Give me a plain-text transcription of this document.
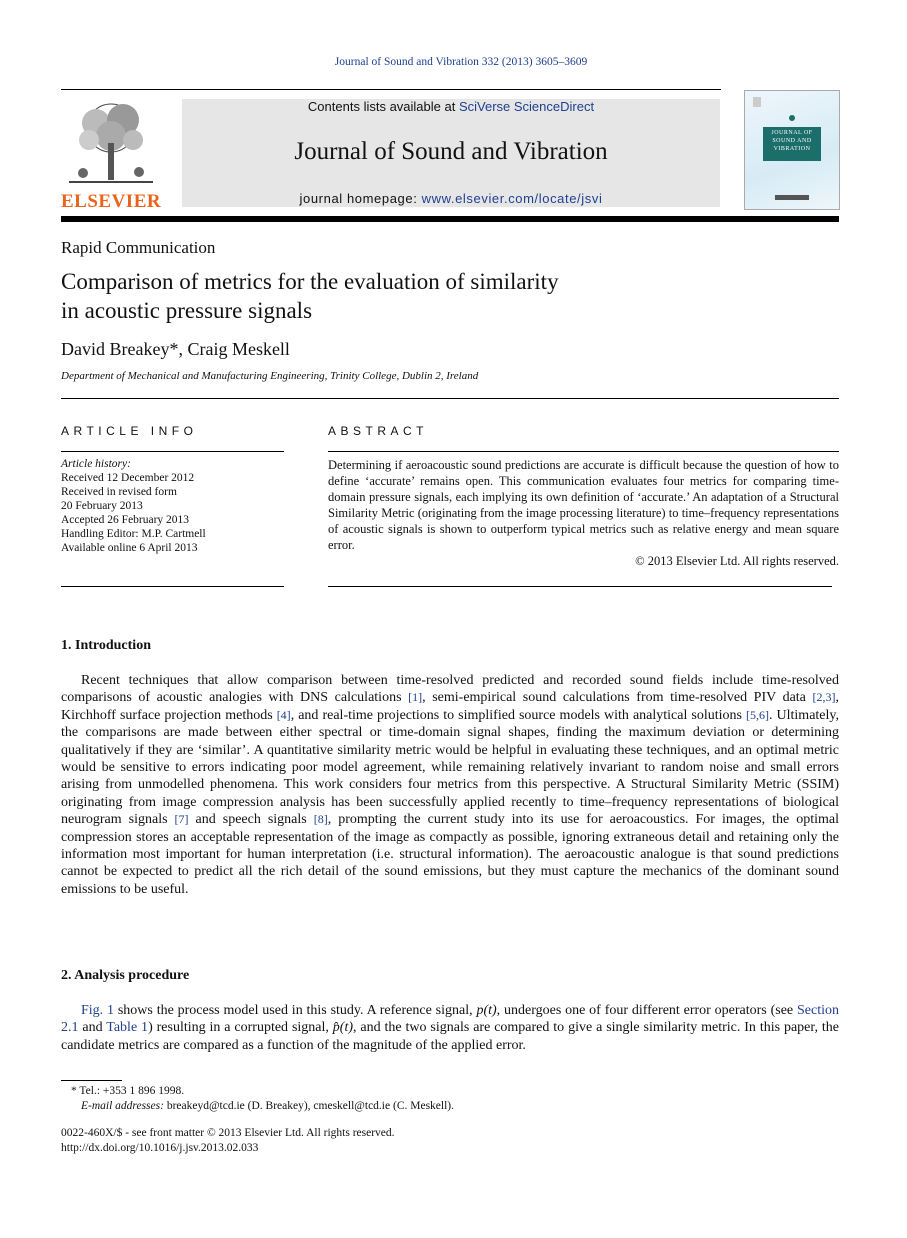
Journal of Sound and Vibration 332 (2013) 3605–3609
ELSEVIER
Contents lists available at SciVerse ScienceDirect
Journal of Sound and Vibration
journal homepage: www.elsevier.com/locate/jsvi
JOURNAL OF SOUND AND VIBRATION
Rapid Communication
Comparison of metrics for the evaluation of similarity
in acoustic pressure signals
David Breakey*, Craig Meskell
Department of Mechanical and Manufacturing Engineering, Trinity College, Dublin 2, Ireland
ARTICLE INFO
Article history:
Received 12 December 2012
Received in revised form
20 February 2013
Accepted 26 February 2013
Handling Editor: M.P. Cartmell
Available online 6 April 2013
ABSTRACT
Determining if aeroacoustic sound predictions are accurate is difficult because the question of how to define ‘accurate’ remains open. This communication evaluates four metrics for comparing time-domain pressure signals, each implying its own definition of ‘accurate.’ An adaptation of a Structural Similarity Metric (originating from the image processing literature) to time–frequency representations of acoustic signals is shown to outperform typical metrics such as relative energy and mean square error.
© 2013 Elsevier Ltd. All rights reserved.
1. Introduction
Recent techniques that allow comparison between time-resolved predicted and recorded sound fields include time-resolved comparisons of acoustic analogies with DNS calculations [1], semi-empirical sound calculations from time-resolved PIV data [2,3], Kirchhoff surface projection methods [4], and real-time projections to simplified source models with analytical solutions [5,6]. Ultimately, the comparisons are made between either spectral or time-domain signal shapes, finding the maximum deviation or determining qualitatively if they are ‘similar’. A quantitative similarity metric would be helpful in evaluating these techniques, and an optimal metric would be sensitive to errors indicating poor model agreement, while remaining relatively invariant to random noise and small errors arising from unmodelled phenomena. This work considers four metrics from this perspective. A Structural Similarity Metric (SSIM) originating from image compression analysis has been successfully applied recently to time–frequency representations of biological neurogram signals [7] and speech signals [8], prompting the current study into its use for aeroacoustics. For images, the optimal compression stores an acceptable representation of the image as compactly as possible, ignoring extraneous detail and retaining only the information most important for human interpretation (i.e. structural information). The aeroacoustic analogue is that sound predictions cannot be expected to predict all the rich detail of the sound emissions, but they must capture the mechanics of the dominant sound emissions to be useful.
2. Analysis procedure
Fig. 1 shows the process model used in this study. A reference signal, p(t), undergoes one of four different error operators (see Section 2.1 and Table 1) resulting in a corrupted signal, p̂(t), and the two signals are compared to give a single similarity metric. In this paper, the candidate metrics are compared as a function of the magnitude of the applied error.
* Tel.: +353 1 896 1998.
E-mail addresses: breakeyd@tcd.ie (D. Breakey), cmeskell@tcd.ie (C. Meskell).
0022-460X/$ - see front matter © 2013 Elsevier Ltd. All rights reserved.
http://dx.doi.org/10.1016/j.jsv.2013.02.033
